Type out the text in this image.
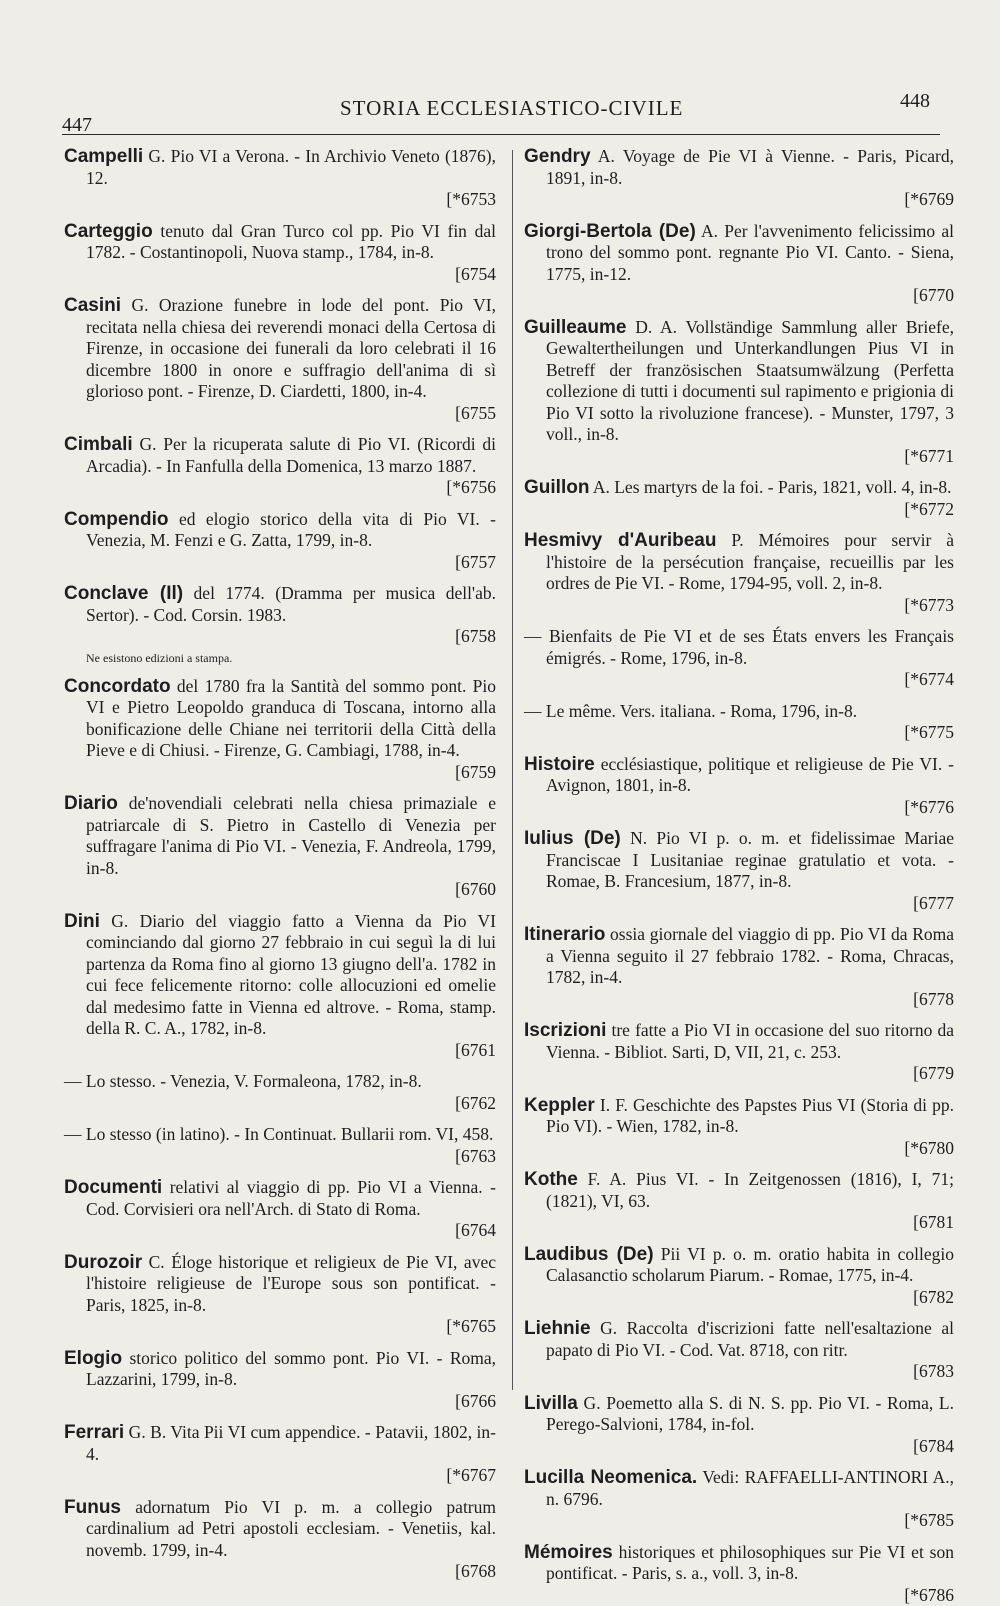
447
STORIA ECCLESIASTICO-CIVILE	448
Campelli G. Pio VI a Verona. - In Archivio Veneto (1876), 12.
[*6753
Carteggio tenuto dal Gran Turco col pp. Pio VI fin dal 1782. - Costantinopoli, Nuova stamp., 1784, in-8.
[6754
Casini G. Orazione funebre in lode del pont. Pio VI, recitata nella chiesa dei reverendi monaci della Certosa di Firenze, in occasione dei funerali da loro celebrati il 16 dicembre 1800 in onore e suffragio dell'anima di sì glorioso pont. - Firenze, D. Ciardetti, 1800, in-4.
[6755
Cimbali G. Per la ricuperata salute di Pio VI. (Ricordi di Arcadia). - In Fanfulla della Domenica, 13 marzo 1887.
[*6756
Compendio ed elogio storico della vita di Pio VI. - Venezia, M. Fenzi e G. Zatta, 1799, in-8.
[6757
Conclave (Il) del 1774. (Dramma per musica dell'ab. Sertor). - Cod. Corsin. 1983.
[6758
Ne esistono edizioni a stampa.
Concordato del 1780 fra la Santità del sommo pont. Pio VI e Pietro Leopoldo granduca di Toscana, intorno alla bonificazione delle Chiane nei territorii della Città della Pieve e di Chiusi. - Firenze, G. Cambiagi, 1788, in-4.
[6759
Diario de'novendiali celebrati nella chiesa primaziale e patriarcale di S. Pietro in Castello di Venezia per suffragare l'anima di Pio VI. - Venezia, F. Andreola, 1799, in-8.
[6760
Dini G. Diario del viaggio fatto a Vienna da Pio VI cominciando dal giorno 27 febbraio in cui seguì la di lui partenza da Roma fino al giorno 13 giugno dell'a. 1782 in cui fece felicemente ritorno: colle allocuzioni ed omelie dal medesimo fatte in Vienna ed altrove. - Roma, stamp. della R. C. A., 1782, in-8.
[6761
— Lo stesso. - Venezia, V. Formaleona, 1782, in-8.
[6762
— Lo stesso (in latino). - In Continuat. Bullarii rom. VI, 458.
[6763
Documenti relativi al viaggio di pp. Pio VI a Vienna. - Cod. Corvisieri ora nell'Arch. di Stato di Roma.
[6764
Durozoir C. Éloge historique et religieux de Pie VI, avec l'histoire religieuse de l'Europe sous son pontificat. - Paris, 1825, in-8.
[*6765
Elogio storico politico del sommo pont. Pio VI. - Roma, Lazzarini, 1799, in-8.
[6766
Ferrari G. B. Vita Pii VI cum appendice. - Patavii, 1802, in-4.
[*6767
Funus adornatum Pio VI p. m. a collegio patrum cardinalium ad Petri apostoli ecclesiam. - Venetiis, kal. novemb. 1799, in-4.
[6768
Gendry A. Voyage de Pie VI à Vienne. - Paris, Picard, 1891, in-8.
[*6769
Giorgi-Bertola (De) A. Per l'avvenimento felicissimo al trono del sommo pont. regnante Pio VI. Canto. - Siena, 1775, in-12.
[6770
Guilleaume D. A. Vollständige Sammlung aller Briefe, Gewalterthеilungen und Unterkandlungen Pius VI in Betreff der französischen Staatsumwälzung (Perfetta collezione di tutti i documenti sul rapimento e prigionia di Pio VI sotto la rivoluzione francese). - Munster, 1797, 3 voll., in-8.
[*6771
Guillon A. Les martyrs de la foi. - Paris, 1821, voll. 4, in-8.
[*6772
Hesmivy d'Auribeau P. Mémoires pour servir à l'histoire de la persécution française, recueillis par les ordres de Pie VI. - Rome, 1794-95, voll. 2, in-8.
[*6773
— Bienfaits de Pie VI et de ses États envers les Français émigrés. - Rome, 1796, in-8.
[*6774
— Le même. Vers. italiana. - Roma, 1796, in-8.
[*6775
Histoire ecclésiastique, politique et religieuse de Pie VI. - Avignon, 1801, in-8.
[*6776
Iulius (De) N. Pio VI p. o. m. et fidelissimae Mariae Franciscae I Lusitaniae reginae gratulatio et vota. - Romae, B. Francesium, 1877, in-8.
[6777
Itinerario ossia giornale del viaggio di pp. Pio VI da Roma a Vienna seguito il 27 febbraio 1782. - Roma, Chracas, 1782, in-4.
[6778
Iscrizioni tre fatte a Pio VI in occasione del suo ritorno da Vienna. - Bibliot. Sarti, D, VII, 21, c. 253.
[6779
Keppler I. F. Geschichte des Papstes Pius VI (Storia di pp. Pio VI). - Wien, 1782, in-8.
[*6780
Kothe F. A. Pius VI. - In Zeitgenossen (1816), I, 71; (1821), VI, 63.
[6781
Laudibus (De) Pii VI p. o. m. oratio habita in collegio Calasanctio scholarum Piarum. - Romae, 1775, in-4.
[6782
Liehnie G. Raccolta d'iscrizioni fatte nell'esaltazione al papato di Pio VI. - Cod. Vat. 8718, con ritr.
[6783
Livilla G. Poemetto alla S. di N. S. pp. Pio VI. - Roma, L. Perego-Salvioni, 1784, in-fol.
[6784
Lucilla Neomenica. Vedi: RAFFAELLI-ANTINORI A., n. 6796.
[*6785
Mémoires historiques et philosophiques sur Pie VI et son pontificat. - Paris, s. a., voll. 3, in-8.
[*6786
